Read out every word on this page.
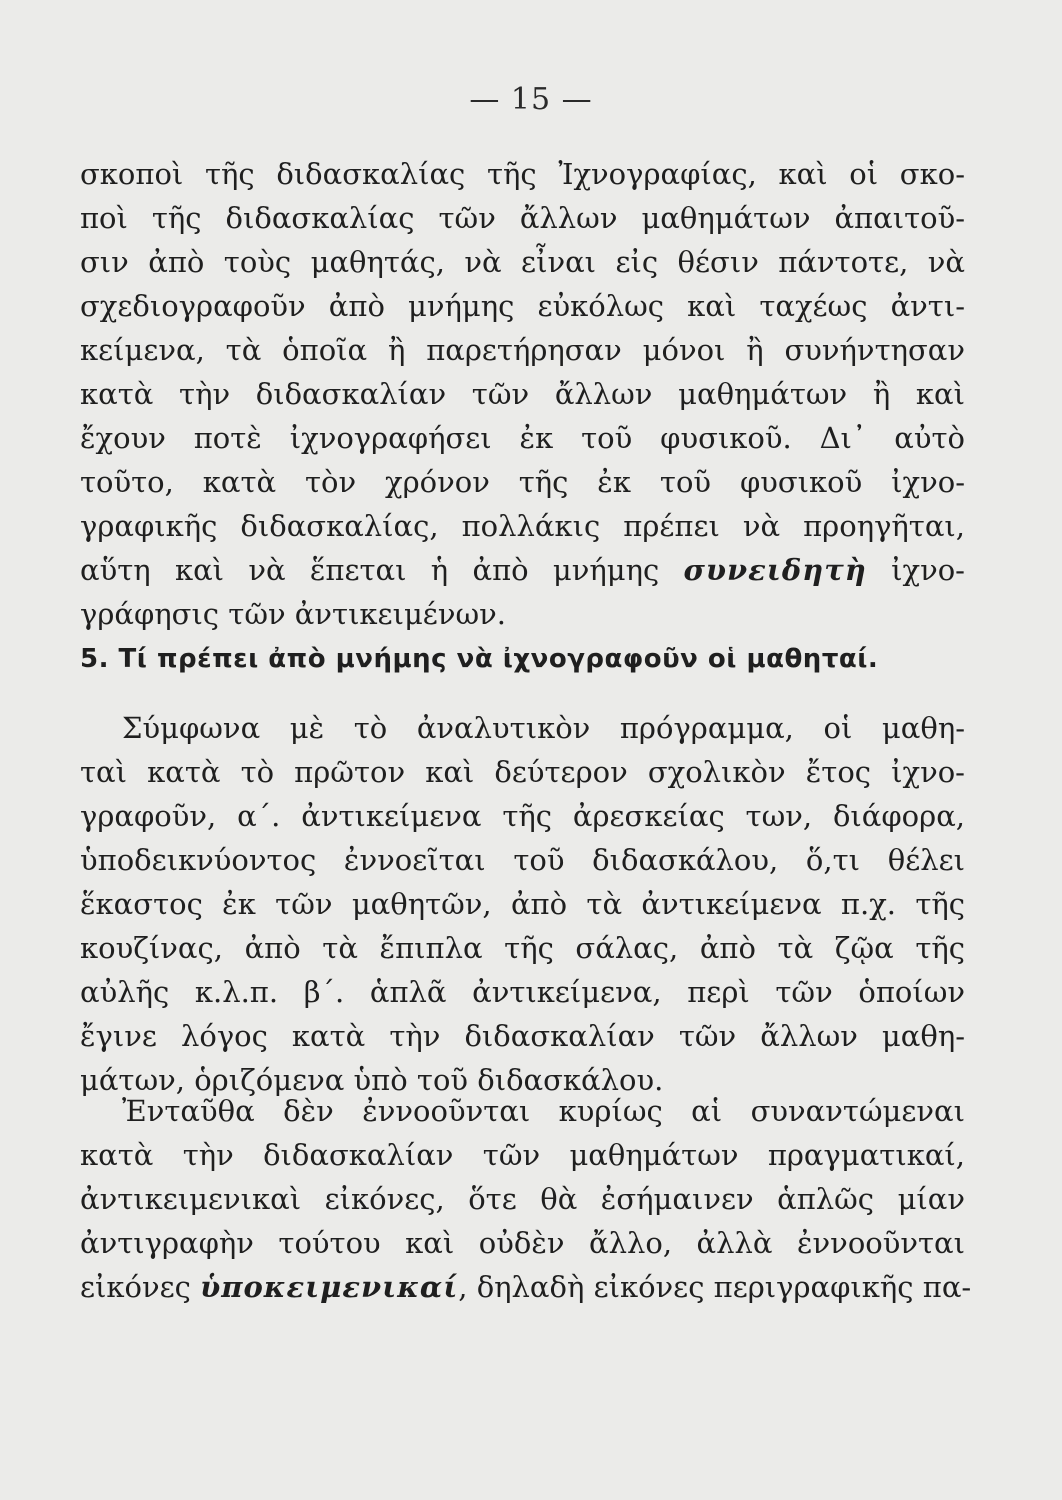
— 15 —
σκοποὶ τῆς διδασκαλίας τῆς Ἰχνογραφίας, καὶ οἱ σκο-
ποὶ τῆς διδασκαλίας τῶν ἄλλων μαθημάτων ἀπαιτοῦ-
σιν ἀπὸ τοὺς μαθητάς, νὰ εἶναι εἰς θέσιν πάντοτε, νὰ
σχεδιογραφοῦν ἀπὸ μνήμης εὐκόλως καὶ ταχέως ἀντι-
κείμενα, τὰ ὁποῖα ἢ παρετήρησαν μόνοι ἢ συνήντησαν
κατὰ τὴν διδασκαλίαν τῶν ἄλλων μαθημάτων ἢ καὶ
ἔχουν ποτὲ ἰχνογραφήσει ἐκ τοῦ φυσικοῦ. Δι᾿ αὐτὸ
τοῦτο, κατὰ τὸν χρόνον τῆς ἐκ τοῦ φυσικοῦ ἰχνο-
γραφικῆς διδασκαλίας, πολλάκις πρέπει νὰ προηγῆται,
αὕτη καὶ νὰ ἕπεται ἡ ἀπὸ μνήμης συνειδητὴ ἰχνο-
γράφησις τῶν ἀντικειμένων.
5. Τί πρέπει ἀπὸ μνήμης νὰ ἰχνογραφοῦν οἱ μαθηταί.
Σύμφωνα μὲ τὸ ἀναλυτικὸν πρόγραμμα, οἱ μαθη-
ταὶ κατὰ τὸ πρῶτον καὶ δεύτερον σχολικὸν ἔτος ἰχνο-
γραφοῦν, α΄. ἀντικείμενα τῆς ἀρεσκείας των, διάφορα,
ὑποδεικνύοντος ἐννοεῖται τοῦ διδασκάλου, ὅ,τι θέλει
ἕκαστος ἐκ τῶν μαθητῶν, ἀπὸ τὰ ἀντικείμενα π.χ. τῆς
κουζίνας, ἀπὸ τὰ ἔπιπλα τῆς σάλας, ἀπὸ τὰ ζῷα τῆς
αὐλῆς κ.λ.π. β΄. ἁπλᾶ ἀντικείμενα, περὶ τῶν ὁποίων
ἔγινε λόγος κατὰ τὴν διδασκαλίαν τῶν ἄλλων μαθη-
μάτων, ὁριζόμενα ὑπὸ τοῦ διδασκάλου.
Ἐνταῦθα δὲν ἐννοοῦνται κυρίως αἱ συναντώμεναι
κατὰ τὴν διδασκαλίαν τῶν μαθημάτων πραγματικαί,
ἀντικειμενικαὶ εἰκόνες, ὅτε θὰ ἐσήμαινεν ἁπλῶς μίαν
ἀντιγραφὴν τούτου καὶ οὐδὲν ἄλλο, ἀλλὰ ἐννοοῦνται
εἰκόνες ὑποκειμενικαί, δηλαδὴ εἰκόνες περιγραφικῆς πα-
